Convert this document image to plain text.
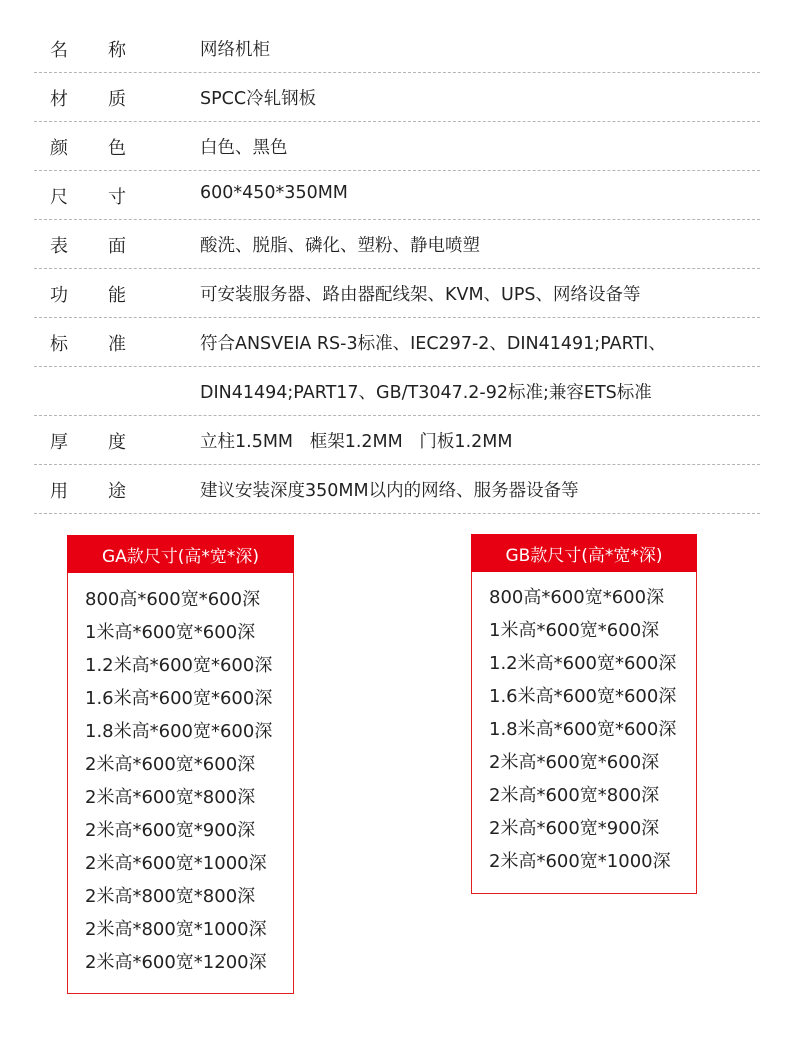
名 称	网络机柜
材 质	SPCC冷轧钢板
颜 色	白色、黑色
尺 寸	600*450*350MM
表 面	酸洗、脱脂、磷化、塑粉、静电喷塑
功 能	可安装服务器、路由器配线架、KVM、UPS、网络设备等
标 准	符合ANSVEIA RS-3标准、IEC297-2、DIN41491;PARTI、
DIN41494;PART17、GB/T3047.2-92标准;兼容ETS标准
厚 度	立柱1.5MM   框架1.2MM   门板1.2MM
用 途	建议安装深度350MM以内的网络、服务器设备等
GA款尺寸(高*宽*深)
800高*600宽*600深
1米高*600宽*600深
1.2米高*600宽*600深
1.6米高*600宽*600深
1.8米高*600宽*600深
2米高*600宽*600深
2米高*600宽*800深
2米高*600宽*900深
2米高*600宽*1000深
2米高*800宽*800深
2米高*800宽*1000深
2米高*600宽*1200深
GB款尺寸(高*宽*深)
800高*600宽*600深
1米高*600宽*600深
1.2米高*600宽*600深
1.6米高*600宽*600深
1.8米高*600宽*600深
2米高*600宽*600深
2米高*600宽*800深
2米高*600宽*900深
2米高*600宽*1000深
